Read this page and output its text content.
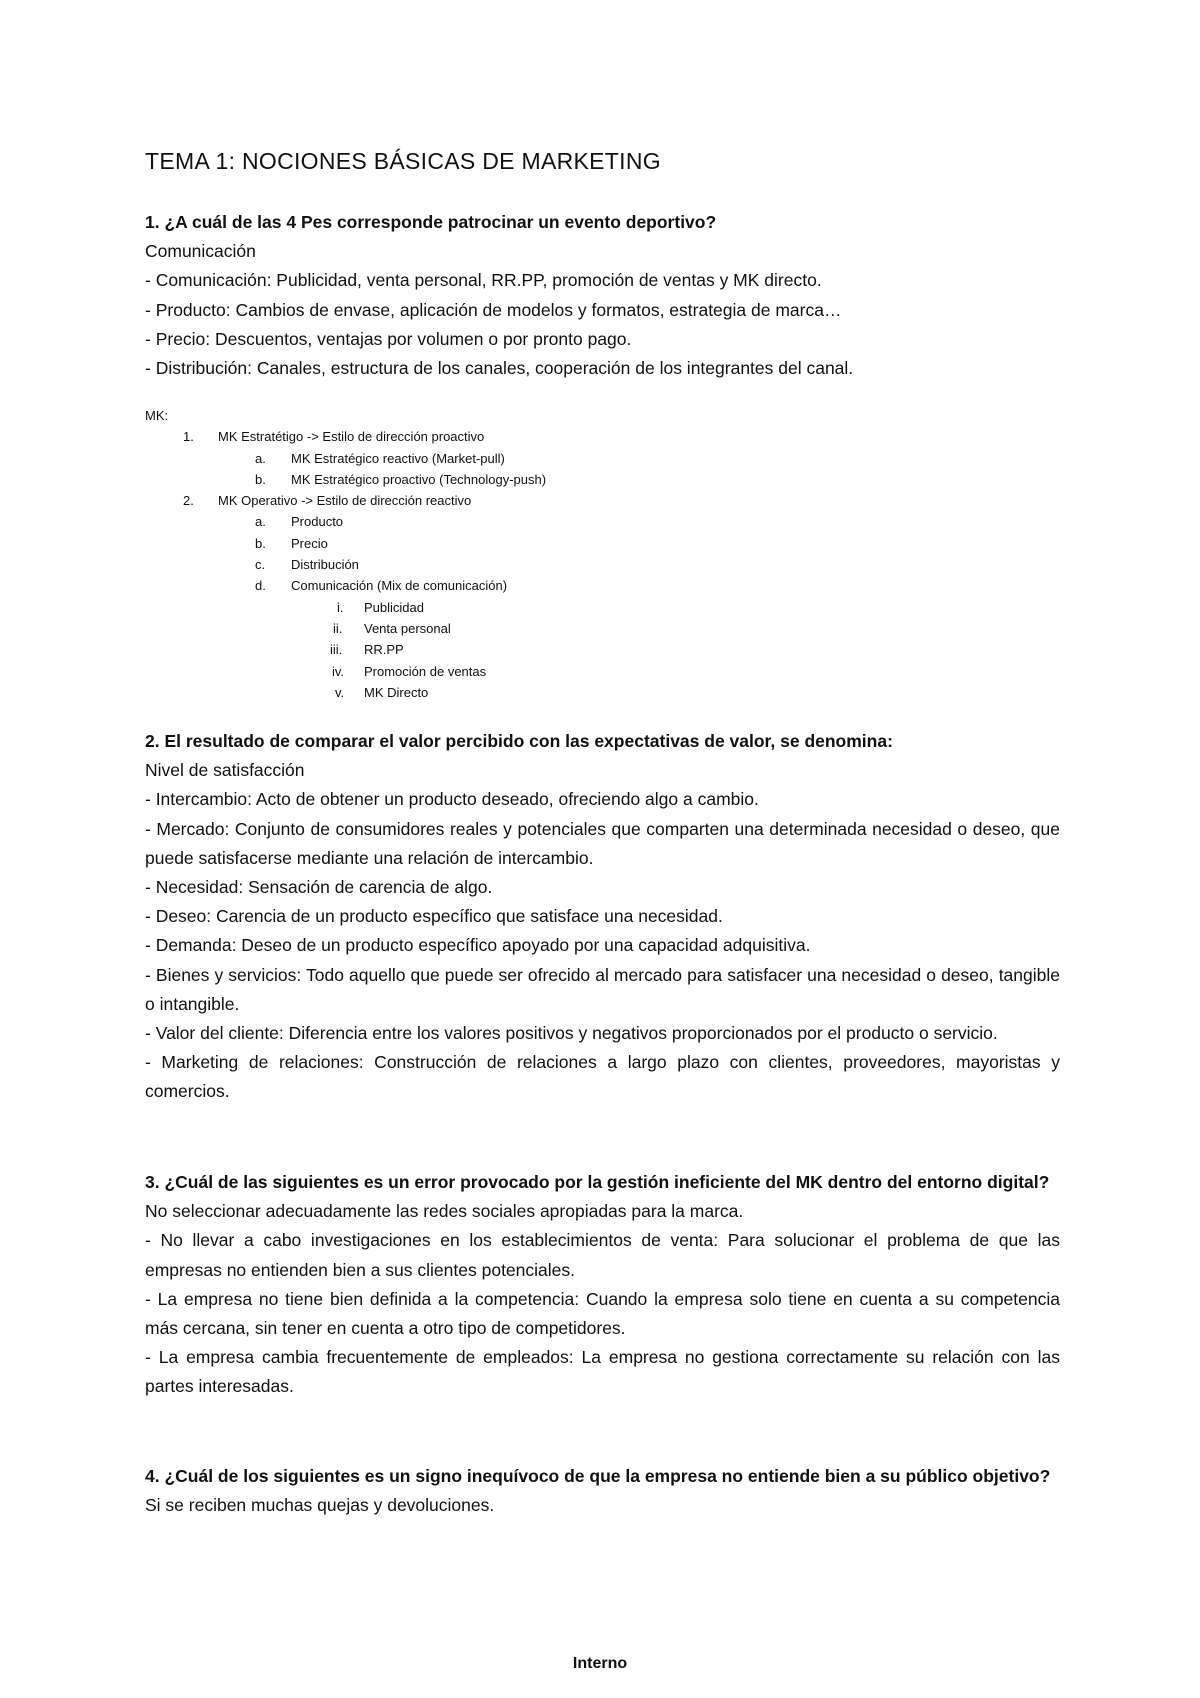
TEMA 1: NOCIONES BÁSICAS DE MARKETING

1. ¿A cuál de las 4 Pes corresponde patrocinar un evento deportivo?

Comunicación

- Comunicación: Publicidad, venta personal, RR.PP, promoción de ventas y MK directo.

- Producto: Cambios de envase, aplicación de modelos y formatos, estrategia de marca…

- Precio: Descuentos, ventajas por volumen o por pronto pago.

- Distribución: Canales, estructura de los canales, cooperación de los integrantes del canal.

MK:
1. MK Estratétigo -> Estilo de dirección proactivo
a. MK Estratégico reactivo (Market-pull)
b. MK Estratégico proactivo (Technology-push)
2. MK Operativo -> Estilo de dirección reactivo
a. Producto
b. Precio
c. Distribución
d. Comunicación (Mix de comunicación)
i. Publicidad
ii. Venta personal
iii. RR.PP
iv. Promoción de ventas
v. MK Directo

2. El resultado de comparar el valor percibido con las expectativas de valor, se denomina:

Nivel de satisfacción

- Intercambio: Acto de obtener un producto deseado, ofreciendo algo a cambio.

- Mercado: Conjunto de consumidores reales y potenciales que comparten una determinada necesidad o deseo, que puede satisfacerse mediante una relación de intercambio.

- Necesidad: Sensación de carencia de algo.

- Deseo: Carencia de un producto específico que satisface una necesidad.

- Demanda: Deseo de un producto específico apoyado por una capacidad adquisitiva.

- Bienes y servicios: Todo aquello que puede ser ofrecido al mercado para satisfacer una necesidad o deseo, tangible o intangible.

- Valor del cliente: Diferencia entre los valores positivos y negativos proporcionados por el producto o servicio.

- Marketing de relaciones: Construcción de relaciones a largo plazo con clientes, proveedores, mayoristas y comercios.

3. ¿Cuál de las siguientes es un error provocado por la gestión ineficiente del MK dentro del entorno digital?

No seleccionar adecuadamente las redes sociales apropiadas para la marca.

- No llevar a cabo investigaciones en los establecimientos de venta: Para solucionar el problema de que las empresas no entienden bien a sus clientes potenciales.

- La empresa no tiene bien definida a la competencia: Cuando la empresa solo tiene en cuenta a su competencia más cercana, sin tener en cuenta a otro tipo de competidores.

- La empresa cambia frecuentemente de empleados: La empresa no gestiona correctamente su relación con las partes interesadas.

4. ¿Cuál de los siguientes es un signo inequívoco de que la empresa no entiende bien a su público objetivo?

Si se reciben muchas quejas y devoluciones.

Interno
